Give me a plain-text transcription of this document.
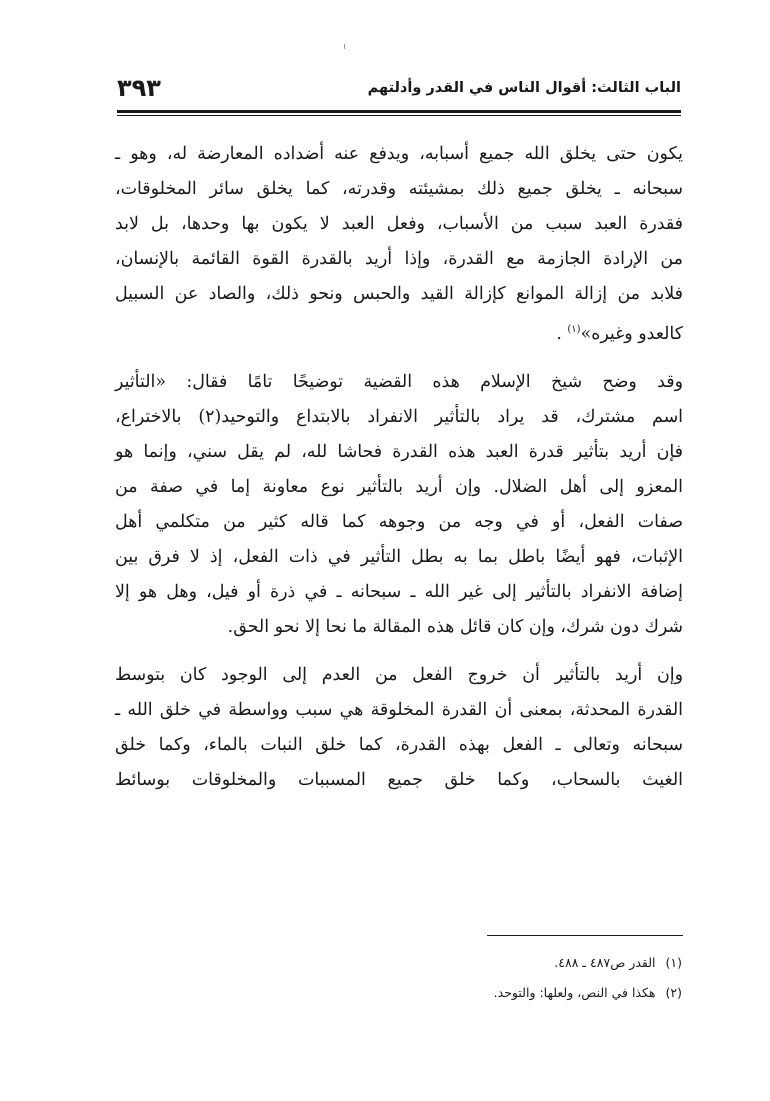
الباب الثالث: أقوال الناس في القدر وأدلتهم
٣٩٣
يكون حتى يخلق الله جميع أسبابه، ويدفع عنه أضداده المعارضة له، وهو ـ
سبحانه ـ يخلق جميع ذلك بمشيئته وقدرته، كما يخلق سائر المخلوقات،
فقدرة العبد سبب من الأسباب، وفعل العبد لا يكون بها وحدها، بل لابد
من الإرادة الجازمة مع القدرة، وإذا أريد بالقدرة القوة القائمة بالإنسان،
فلابد من إزالة الموانع كإزالة القيد والحبس ونحو ذلك، والصاد عن السبيل
كالعدو وغيره»$^{(١)}$ .
وقد وضح شيخ الإسلام هذه القضية توضيحًا تامًا فقال: «التأثير
اسم مشترك، قد يراد بالتأثير الانفراد بالابتداع والتوحيد(٢) بالاختراع،
فإن أريد بتأثير قدرة العبد هذه القدرة فحاشا لله، لم يقل سني، وإنما هو
المعزو إلى أهل الضلال. وإن أريد بالتأثير نوع معاونة إما في صفة من
صفات الفعل، أو في وجه من وجوهه كما قاله كثير من متكلمي أهل
الإثبات، فهو أيضًا باطل بما به بطل التأثير في ذات الفعل، إذ لا فرق بين
إضافة الانفراد بالتأثير إلى غير الله ـ سبحانه ـ في ذرة أو فيل، وهل هو إلا
شرك دون شرك، وإن كان قائل هذه المقالة ما نحا إلا نحو الحق.
وإن أريد بالتأثير أن خروج الفعل من العدم إلى الوجود كان بتوسط
القدرة المحدثة، بمعنى أن القدرة المخلوقة هي سبب وواسطة في خلق الله ـ
سبحانه وتعالى ـ الفعل بهذه القدرة، كما خلق النبات بالماء، وكما خلق
الغيث بالسحاب، وكما خلق جميع المسببات والمخلوقات بوسائط
(١)القدر ص٤٨٧ ـ ٤٨٨.
(٢)هكذا في النص، ولعلها: والتوحد.
